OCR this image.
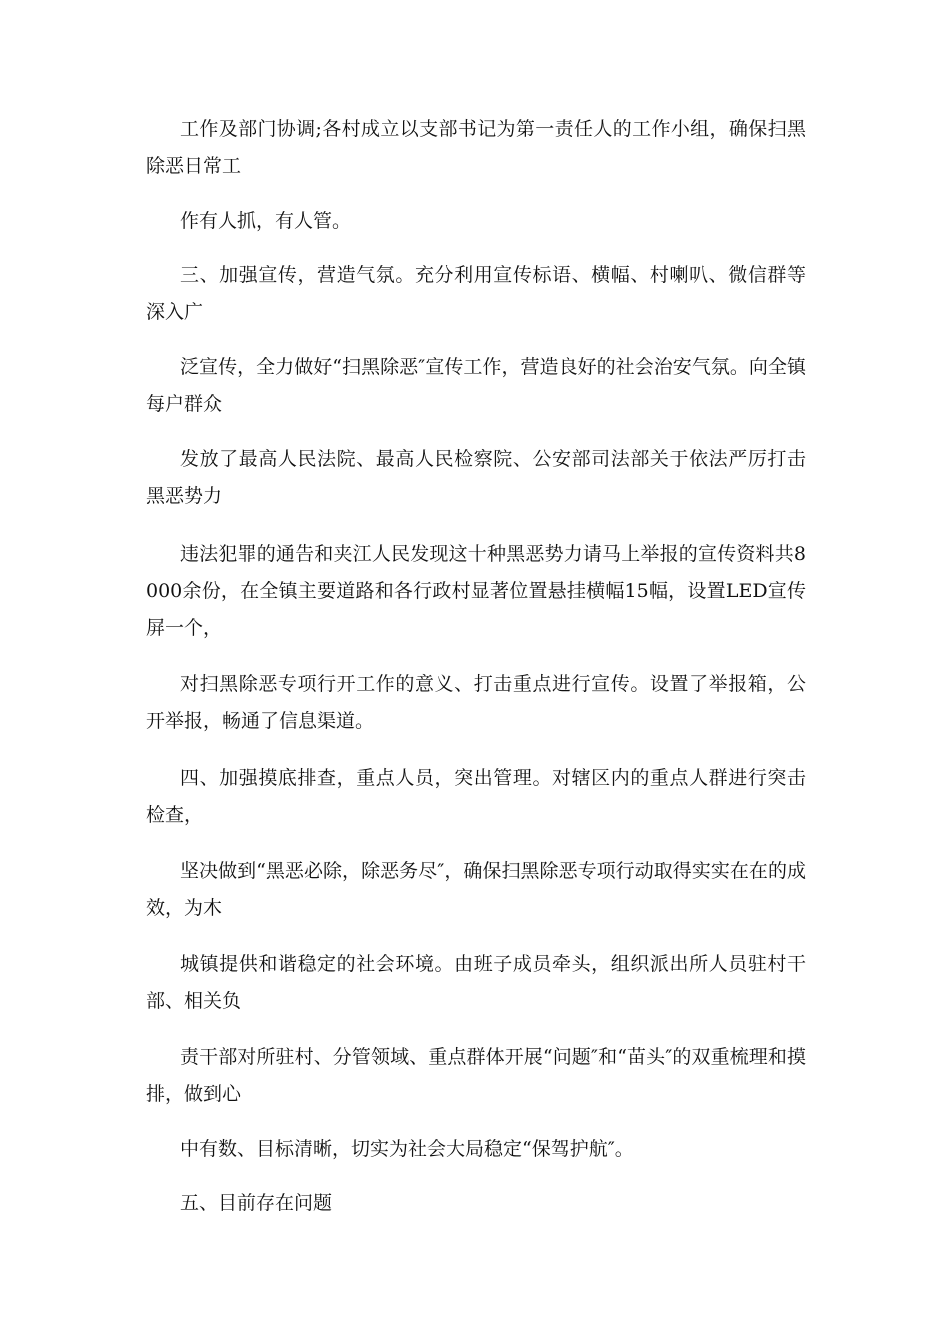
工作及部门协调;各村成立以支部书记为第一责任人的工作小组，确保扫黑除恶日常工

作有人抓，有人管。

三、加强宣传，营造气氛。充分利用宣传标语、横幅、村喇叭、微信群等深入广

泛宣传，全力做好“扫黑除恶″宣传工作，营造良好的社会治安气氛。向全镇每户群众

发放了最高人民法院、最高人民检察院、公安部司法部关于依法严厉打击黑恶势力

违法犯罪的通告和夹江人民发现这十种黑恶势力请马上举报的宣传资料共8000余份，在全镇主要道路和各行政村显著位置悬挂横幅15幅，设置LED宣传屏一个，

对扫黑除恶专项行开工作的意义、打击重点进行宣传。设置了举报箱，公开举报，畅通了信息渠道。

四、加强摸底排查，重点人员，突出管理。对辖区内的重点人群进行突击检查，

坚决做到“黑恶必除，除恶务尽″，确保扫黑除恶专项行动取得实实在在的成效，为木

城镇提供和谐稳定的社会环境。由班子成员牵头，组织派出所人员驻村干部、相关负

责干部对所驻村、分管领域、重点群体开展“问题″和“苗头″的双重梳理和摸排，做到心

中有数、目标清晰，切实为社会大局稳定“保驾护航″。

五、目前存在问题
